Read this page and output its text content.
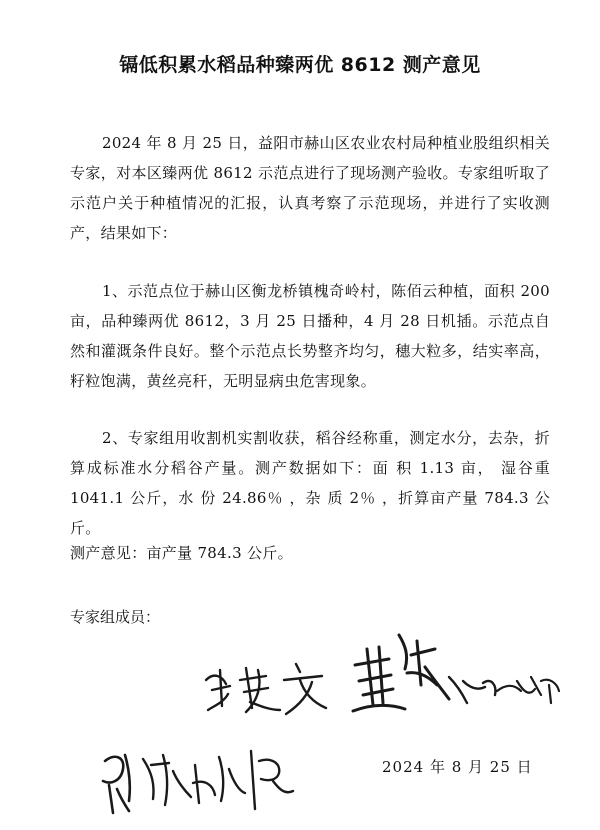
镉低积累水稻品种臻两优 8612 测产意见

2024 年 8 月 25 日，益阳市赫山区农业农村局种植业股组织相关专家，对本区臻两优 8612 示范点进行了现场测产验收。专家组听取了示范户关于种植情况的汇报，认真考察了示范现场，并进行了实收测产，结果如下：

1、示范点位于赫山区衡龙桥镇槐奇岭村，陈佰云种植，面积 200 亩，品种臻两优 8612，3 月 25 日播种，4 月 28 日机插。示范点自然和灌溉条件良好。整个示范点长势整齐均匀，穗大粒多，结实率高，籽粒饱满，黄丝亮秆，无明显病虫危害现象。

2、专家组用收割机实割收获，稻谷经称重，测定水分，去杂，折算成标准水分稻谷产量。测产数据如下：面 积 1.13 亩， 湿谷重 1041.1 公斤，水 份 24.86％ ，杂 质 2％ ，折算亩产量 784.3 公斤。

测产意见：亩产量 784.3 公斤。

专家组成员：
2024 年 8 月 25 日
